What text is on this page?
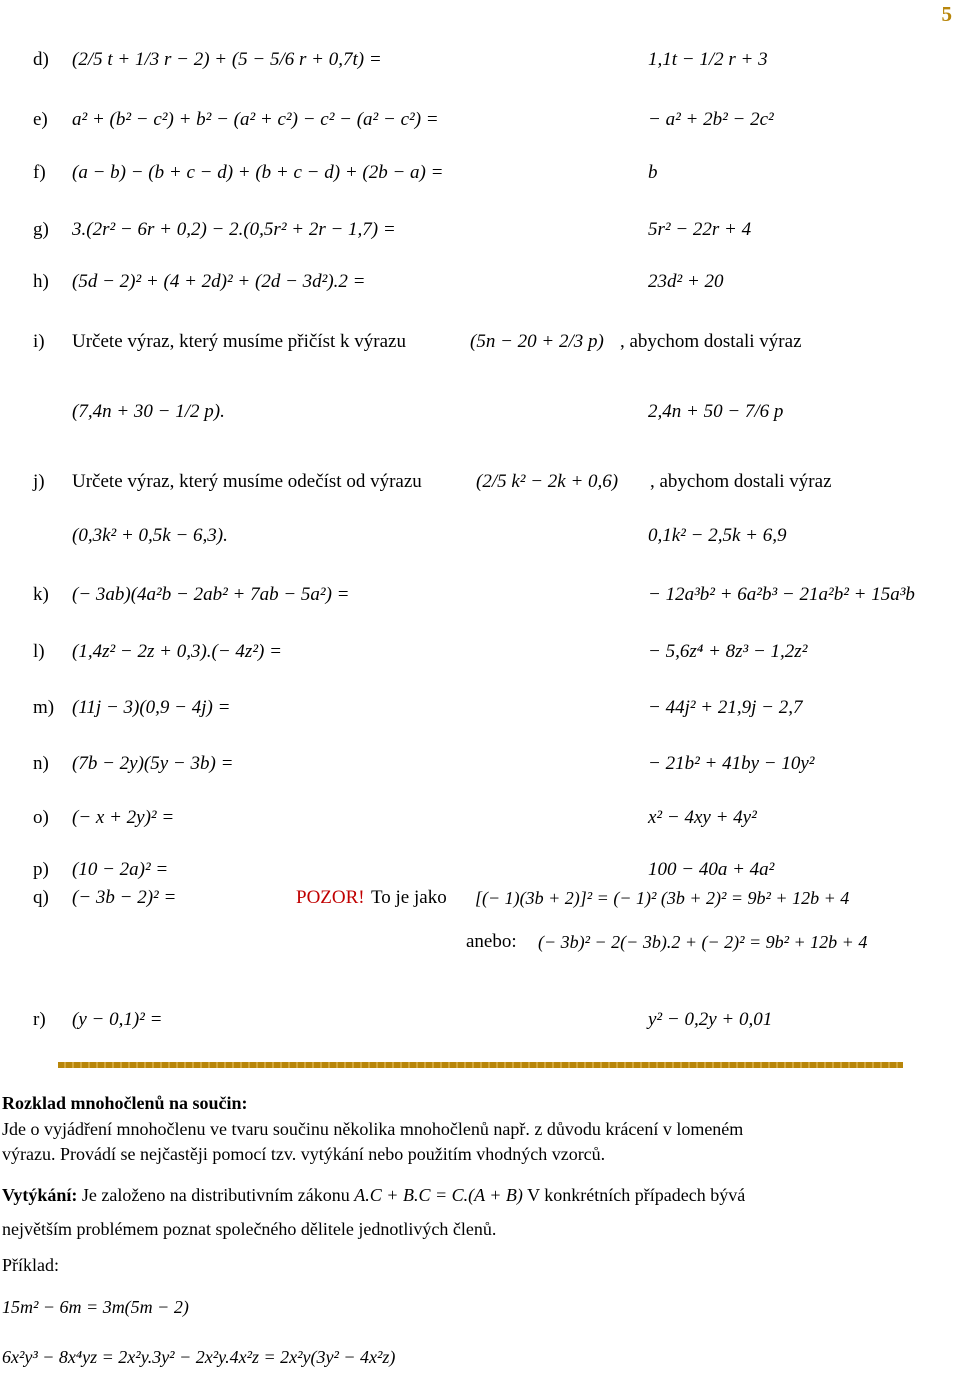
5
d) (2/5 t + 1/3 r − 2) + (5 − 5/6 r + 0,7t) =	1,1t − 1/2 r + 3
e) a² + (b² − c²) + b² − (a² + c²) − c² − (a² − c²) =	− a² + 2b² − 2c²
f) (a − b) − (b + c − d) + (b + c − d) + (2b − a) =	b
g) 3.(2r² − 6r + 0,2) − 2.(0,5r² + 2r − 1,7) =	5r² − 22r + 4
h) (5d − 2)² + (4 + 2d)² + (2d − 3d²).2 =	23d² + 20
k) (− 3ab)(4a²b − 2ab² + 7ab − 5a²) =	− 12a³b² + 6a²b³ − 21a²b² + 15a³b
l) (1,4z² − 2z + 0,3).(− 4z²) =	− 5,6z⁴ + 8z³ − 1,2z²
m) (11j − 3)(0,9 − 4j) =	− 44j² + 21,9j − 2,7
n) (7b − 2y)(5y − 3b) =	− 21b² + 41by − 10y²
o) (− x + 2y)² =	x² − 4xy + 4y²
p) (10 − 2a)² =	100 − 40a + 4a²
r) (y − 0,1)² =	y² − 0,2y + 0,01
i) Určete výraz, který musíme přičíst k výrazu	(5n − 20 + 2/3 p) , abychom dostali výraz
(7,4n + 30 − 1/2 p).	2,4n + 50 − 7/6 p
j) Určete výraz, který musíme odečíst od výrazu	(2/5 k² − 2k + 0,6) , abychom dostali výraz
(0,3k² + 0,5k − 6,3).	0,1k² − 2,5k + 6,9
q) (− 3b − 2)² =	POZOR! To je jako [(− 1)(3b + 2)]² = (− 1)² (3b + 2)² = 9b² + 12b + 4
anebo: (− 3b)² − 2(− 3b).2 + (− 2)² = 9b² + 12b + 4
Rozklad mnohočlenů na součin:
Jde o vyjádření mnohočlenu ve tvaru součinu několika mnohočlenů např. z důvodu krácení v lomeném
výrazu. Provádí se nejčastěji pomocí tzv. vytýkání nebo použitím vhodných vzorců.
Vytýkání: Je založeno na distributivním zákonu A.C + B.C = C.(A + B) V konkrétních případech bývá
největším problémem poznat společného dělitele jednotlivých členů.
Příklad:
15m² − 6m = 3m(5m − 2)
6x²y³ − 8x⁴yz = 2x²y.3y² − 2x²y.4x²z = 2x²y(3y² − 4x²z)
